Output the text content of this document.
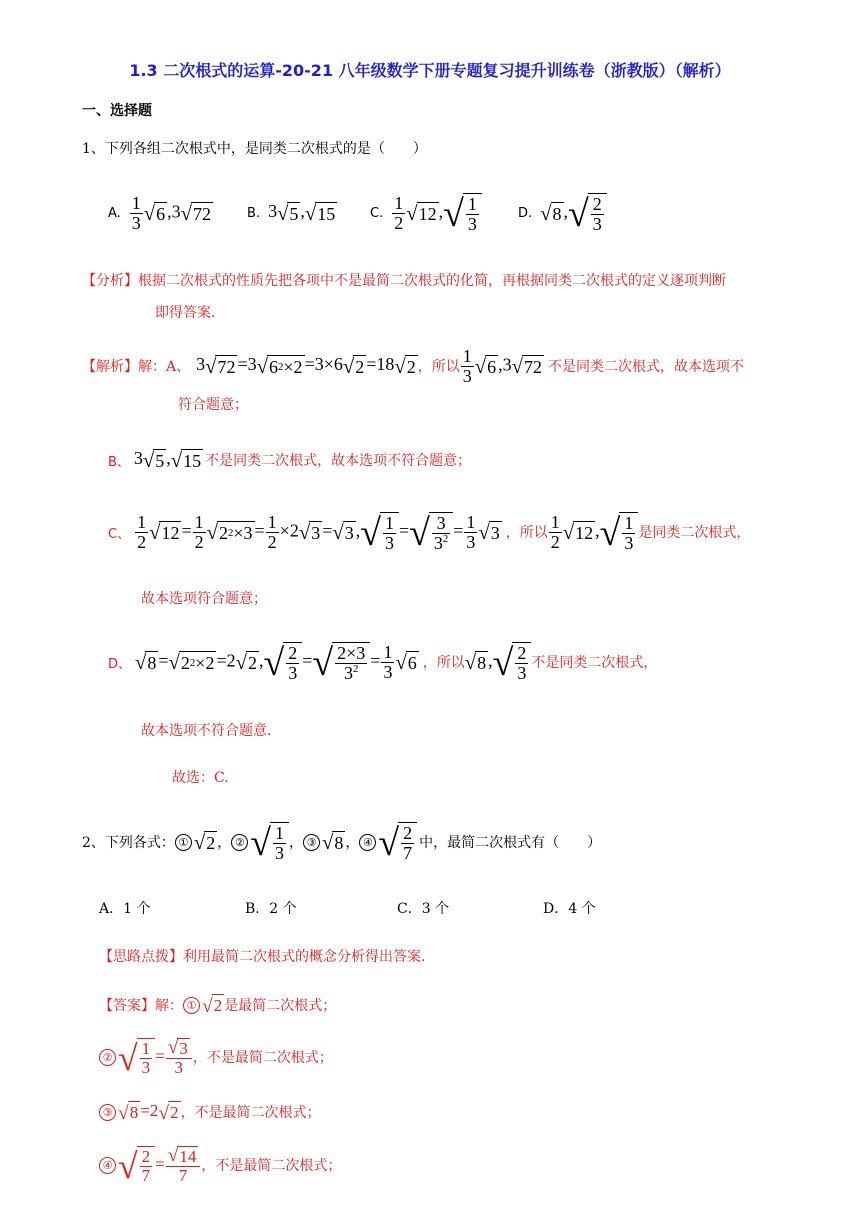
1.3 二次根式的运算-20-21 八年级数学下册专题复习提升训练卷（浙教版）（解析）
一、选择题
1、下列各组二次根式中，是同类二次根式的是（　　）
A. $\frac{1}{3}$ √ 6 ,3 √ 72	B. 3 √ 5 , √ 15	C. $\frac{1}{2}$ √ 12 , √ $\frac{1}{3}$	D. √ 8 , √ $\frac{2}{3}$
【分析】根据二次根式的性质先把各项中不是最简二次根式的化简，再根据同类二次根式的定义逐项判断
即得答案.
【解析】 解：A、 3 √ 72 =3 √ 6 2 ×2 =3×6 √ 2 =18 √ 2 ，所以 $\frac{1}{3}$ √ 6 ,3 √ 72 不是同类二次根式，故本选项不
符合题意；
B、 3 √ 5 , √ 15 不是同类二次根式，故本选项不符合题意；
C、 $\frac{1}{2}$ √ $12 = \frac{1}{2}$ √ 2 $2 \times 3 = \frac{1}{2} \times 2$ √ 3 = √ 3 , √ $\frac{1}{3}$ = √ $\frac{3}{3^2} = \frac{1}{3}$ √ 3 ，所以 $\frac{1}{2}$ √ 12 , √ $\frac{1}{3}$ 是同类二次根式，
故本选项符合题意；
D、 √ 8 = √ 2 2 ×2 =2 √ 2 , √ $\frac{2}{3}$ = √ $\frac{2\times 3}{3^2} = \frac{1}{3}$ √ 6 ，所以 √ 8 , √ $\frac{2}{3}$ 不是同类二次根式，
故本选项不符合题意.
故选：C.
2、下列各式： ① √ 2 ， ② √ $\frac{1}{3}$ ， ③ √ 8 ， ④ √ $\frac{2}{7}$ 中，最简二次根式有（　　）
A．1 个	B．2 个	C．3 个	D．4 个
【思路点拨】利用最简二次根式的概念分析得出答案.
【答案】 解： ① √ 2 是最简二次根式；
② √ $\frac{1}{3} = \frac{√ 3}{3}$ ，不是最简二次根式；
③ √ 8 =2 √ 2 ，不是最简二次根式；
④ √ $\frac{2}{7} = \frac{√ 14}{7}$ ，不是最简二次根式；
